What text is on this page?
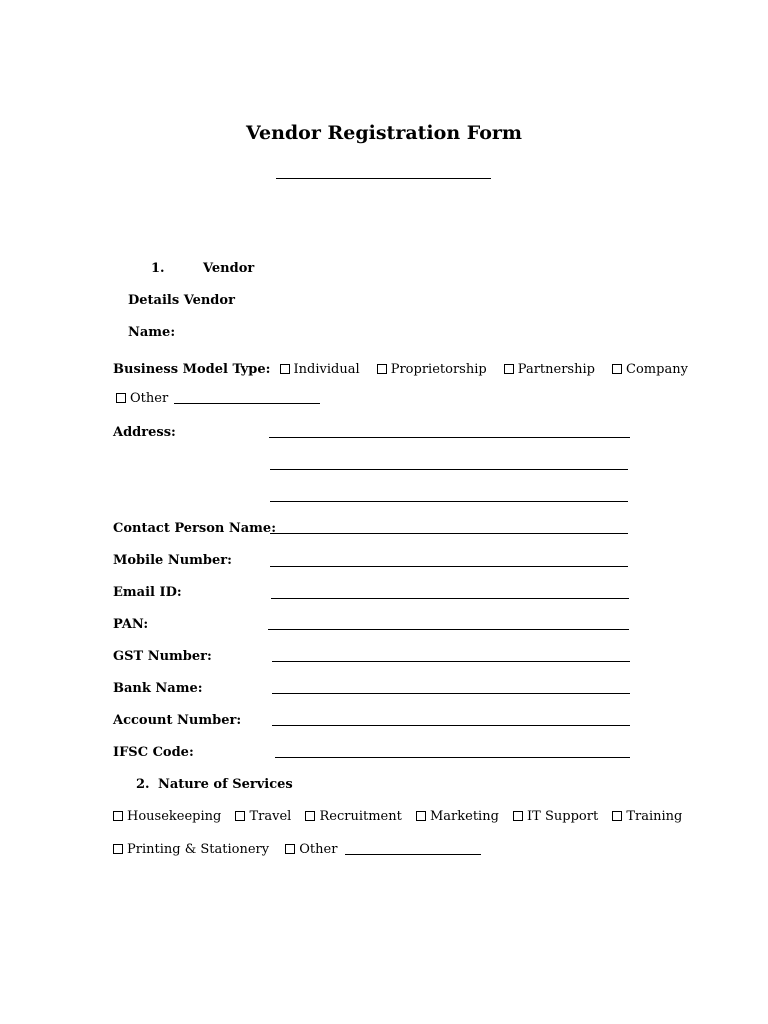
Vendor Registration Form
1.	Vendor
Details Vendor
Name:
Business Model Type: Individual Proprietorship Partnership Company
Other
Address:
Contact Person Name:
Mobile Number:
Email ID:
PAN:
GST Number:
Bank Name:
Account Number:
IFSC Code:
2. Nature of Services
Housekeeping Travel Recruitment Marketing IT Support Training
Printing & Stationery Other
